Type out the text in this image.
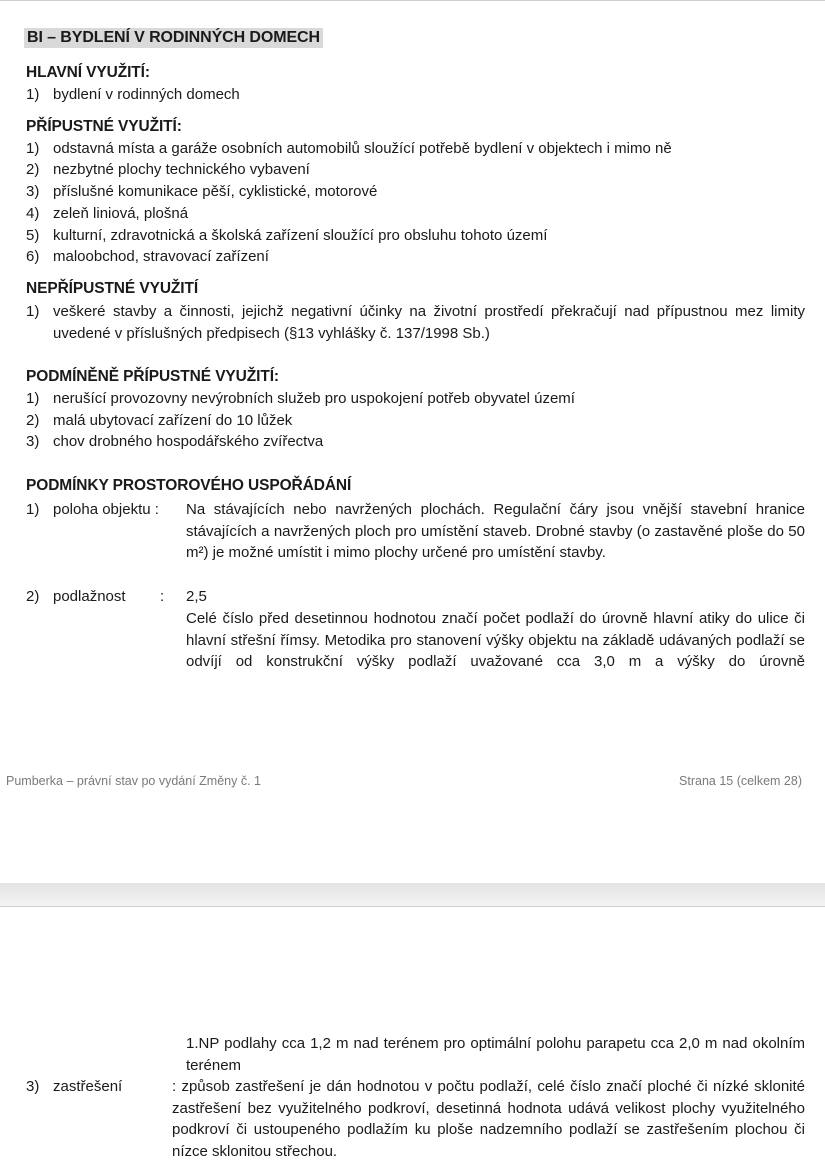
BI – BYDLENÍ V RODINNÝCH DOMECH
HLAVNÍ VYUŽITÍ:
1) bydlení v rodinných domech
PŘÍPUSTNÉ VYUŽITÍ:
1) odstavná místa a garáže osobních automobilů sloužící potřebě bydlení v objektech i mimo ně
2) nezbytné plochy technického vybavení
3) příslušné komunikace pěší, cyklistické, motorové
4) zeleň liniová, plošná
5) kulturní, zdravotnická a školská zařízení sloužící pro obsluhu tohoto území
6) maloobchod, stravovací zařízení
NEPŘÍPUSTNÉ VYUŽITÍ
1) veškeré stavby a činnosti, jejichž negativní účinky na životní prostředí překračují nad přípustnou mez limity uvedené v příslušných předpisech (§13 vyhlášky č. 137/1998 Sb.)
PODMÍNĚNĚ PŘÍPUSTNÉ VYUŽITÍ:
1) nerušící provozovny nevýrobních služeb pro uspokojení potřeb obyvatel území
2) malá ubytovací zařízení do 10 lůžek
3) chov drobného hospodářského zvířectva
PODMÍNKY PROSTOROVÉHO USPOŘÁDÁNÍ
1) poloha objektu : Na stávajících nebo navržených plochách. Regulační čáry jsou vnější stavební hranice stávajících a navržených ploch pro umístění staveb. Drobné stavby (o zastavěné ploše do 50 m²) je možné umístit i mimo plochy určené pro umístění stavby.
2) podlažnost : 2,5
Celé číslo před desetinnou hodnotou značí počet podlaží do úrovně hlavní atiky do ulice či hlavní střešní římsy. Metodika pro stanovení výšky objektu na základě udávaných podlaží se odvíjí od konstrukční výšky podlaží uvažované cca 3,0 m a výšky do úrovně
Pumberka – právní stav po vydání Změny č. 1	Strana 15 (celkem 28)
1.NP podlahy cca 1,2 m nad terénem pro optimální polohu parapetu cca 2,0 m nad okolním terénem
3) zastřešení	: způsob zastřešení je dán hodnotou v počtu podlaží, celé číslo značí ploché či nízké sklonité zastřešení bez využitelného podkroví, desetinná hodnota udává velikost plochy využitelného podkroví či ustoupeného podlažím ku ploše nadzemního podlaží se zastřešením plochou či nízce sklonitou střechou.
